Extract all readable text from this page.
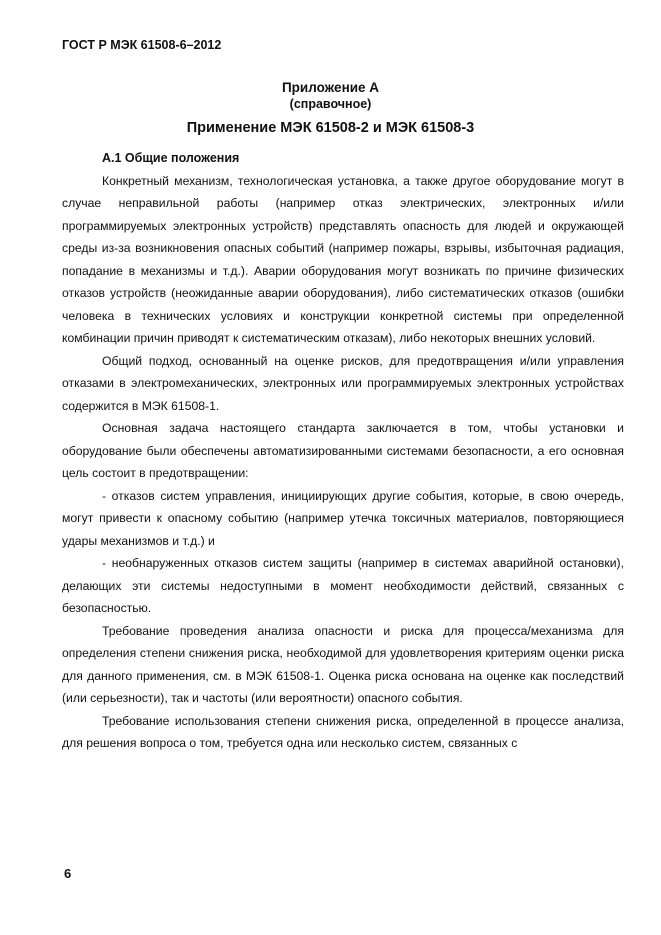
ГОСТ Р МЭК 61508-6–2012
Приложение А
(справочное)
Применение МЭК 61508-2 и МЭК 61508-3
А.1 Общие положения

Конкретный механизм, технологическая установка, а также другое оборудование могут в случае неправильной работы (например отказ электрических, электронных и/или программируемых электронных устройств) представлять опасность для людей и окружающей среды из-за возникновения опасных событий (например пожары, взрывы, избыточная радиация, попадание в механизмы и т.д.). Аварии оборудования могут возникать по причине физических отказов устройств (неожиданные аварии оборудования), либо систематических отказов (ошибки человека в технических условиях и конструкции конкретной системы при определенной комбинации причин приводят к систематическим отказам), либо некоторых внешних условий.

Общий подход, основанный на оценке рисков, для предотвращения и/или управления отказами в электромеханических, электронных или программируемых электронных устройствах содержится в МЭК 61508-1.

Основная задача настоящего стандарта заключается в том, чтобы установки и оборудование были обеспечены автоматизированными системами безопасности, а его основная цель состоит в предотвращении:

- отказов систем управления, инициирующих другие события, которые, в свою очередь, могут привести к опасному событию (например утечка токсичных материалов, повторяющиеся удары механизмов и т.д.) и

- необнаруженных отказов систем защиты (например в системах аварийной остановки), делающих эти системы недоступными в момент необходимости действий, связанных с безопасностью.

Требование проведения анализа опасности и риска для процесса/механизма для определения степени снижения риска, необходимой для удовлетворения критериям оценки риска для данного применения, см. в МЭК 61508-1. Оценка риска основана на оценке как последствий (или серьезности), так и частоты (или вероятности) опасного события.

Требование использования степени снижения риска, определенной в процессе анализа, для решения вопроса о том, требуется одна или несколько систем, связанных с

6
